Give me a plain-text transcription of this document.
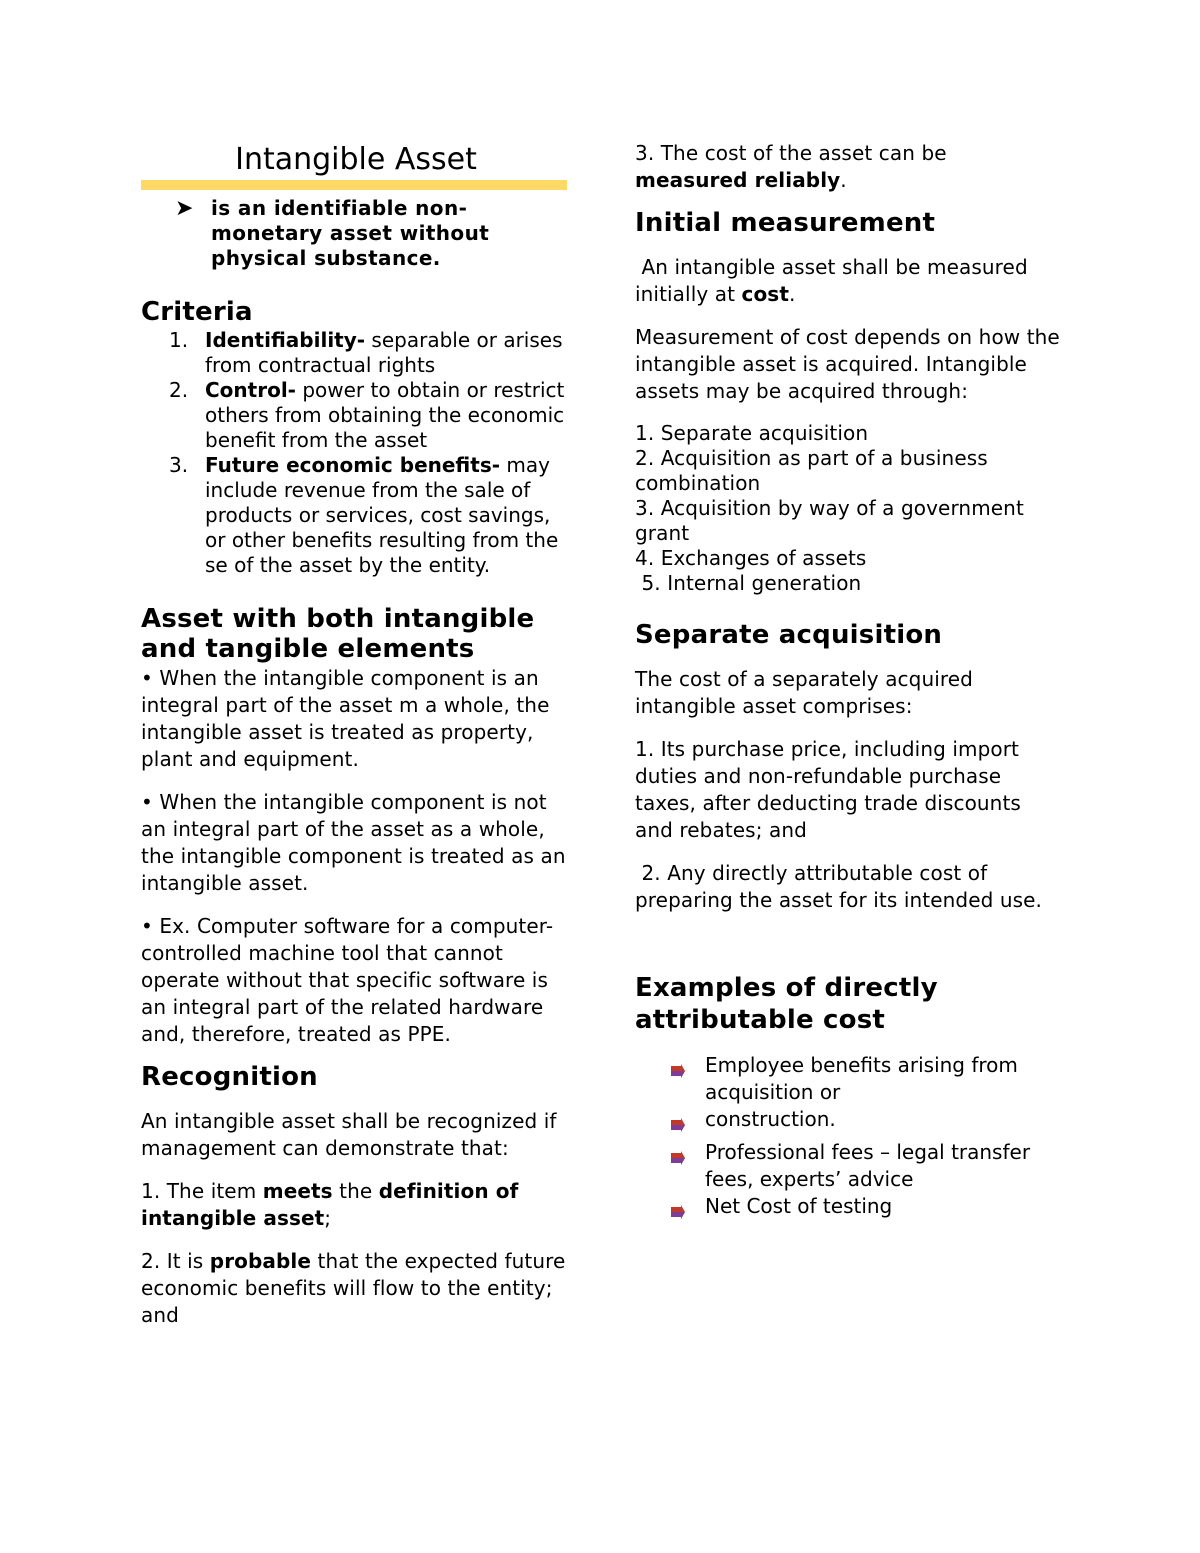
Intangible Asset
➤ is an identifiable non-monetary asset without physical substance.
Criteria
1. Identifiability- separable or arises from contractual rights
2. Control- power to obtain or restrict others from obtaining the economic benefit from the asset
3. Future economic benefits- may include revenue from the sale of products or services, cost savings, or other benefits resulting from the se of the asset by the entity.
Asset with both intangible and tangible elements

• When the intangible component is an integral part of the asset m a whole, the intangible asset is treated as property, plant and equipment.

• When the intangible component is not an integral part of the asset as a whole, the intangible component is treated as an intangible asset.

• Ex. Computer software for a computer-controlled machine tool that cannot operate without that specific software is an integral part of the related hardware and, therefore, treated as PPE.

Recognition

An intangible asset shall be recognized if management can demonstrate that:

1. The item meets the definition of intangible asset;

2. It is probable that the expected future economic benefits will flow to the entity; and

3. The cost of the asset can be measured reliably.

Initial measurement

An intangible asset shall be measured initially at cost.

Measurement of cost depends on how the intangible asset is acquired. Intangible assets may be acquired through:

1. Separate acquisition
2. Acquisition as part of a business combination
3. Acquisition by way of a government grant
4. Exchanges of assets
5. Internal generation
Separate acquisition

The cost of a separately acquired intangible asset comprises:

1. Its purchase price, including import duties and non-refundable purchase taxes, after deducting trade discounts and rebates; and

2. Any directly attributable cost of preparing the asset for its intended use.

Examples of directly attributable cost
Employee benefits arising from acquisition or
construction.
Professional fees – legal transfer fees, experts’ advice
Net Cost of testing
